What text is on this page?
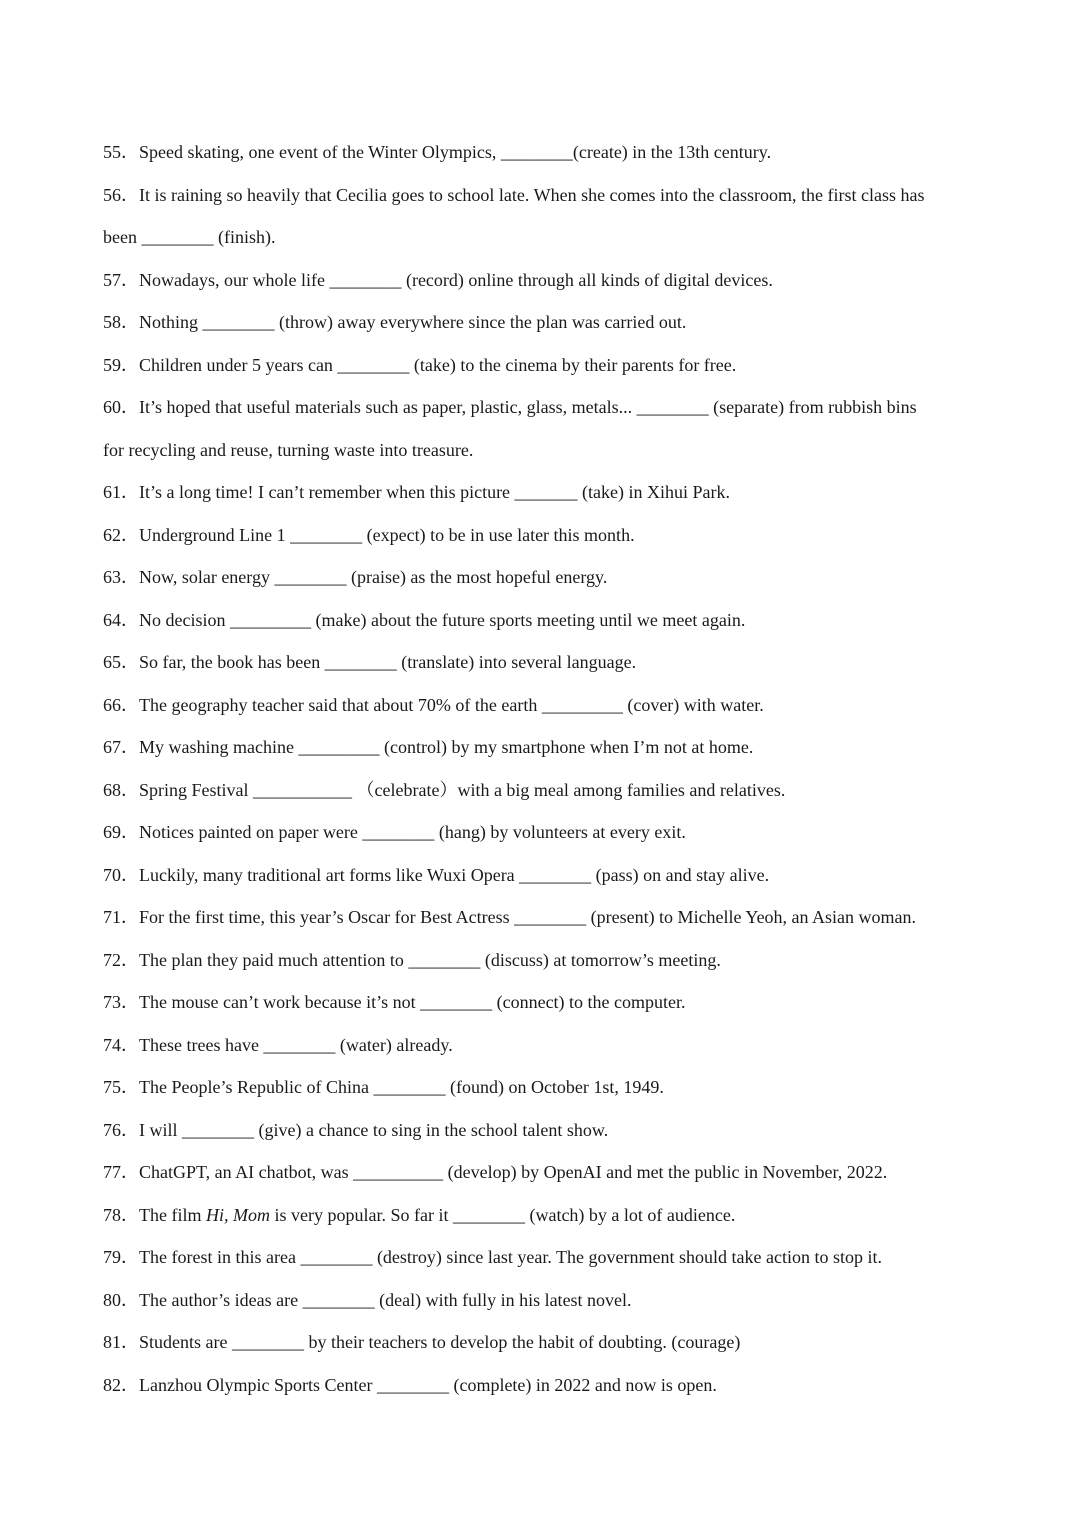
55．Speed skating, one event of the Winter Olympics, ________(create) in the 13th century.
56．It is raining so heavily that Cecilia goes to school late. When she comes into the classroom, the first class has
been ________ (finish).
57．Nowadays, our whole life ________ (record) online through all kinds of digital devices.
58．Nothing ________ (throw) away everywhere since the plan was carried out.
59．Children under 5 years can ________ (take) to the cinema by their parents for free.
60．It’s hoped that useful materials such as paper, plastic, glass, metals... ________ (separate) from rubbish bins
for recycling and reuse, turning waste into treasure.
61．It’s a long time! I can’t remember when this picture _______ (take) in Xihui Park.
62．Underground Line 1 ________ (expect) to be in use later this month.
63．Now, solar energy ________ (praise) as the most hopeful energy.
64．No decision _________ (make) about the future sports meeting until we meet again.
65．So far, the book has been ________ (translate) into several language.
66．The geography teacher said that about 70% of the earth _________ (cover) with water.
67．My washing machine _________ (control) by my smartphone when I’m not at home.
68．Spring Festival ___________ （celebrate）with a big meal among families and relatives.
69．Notices painted on paper were ________ (hang) by volunteers at every exit.
70．Luckily, many traditional art forms like Wuxi Opera ________ (pass) on and stay alive.
71．For the first time, this year’s Oscar for Best Actress ________ (present) to Michelle Yeoh, an Asian woman.
72．The plan they paid much attention to ________ (discuss) at tomorrow’s meeting.
73．The mouse can’t work because it’s not ________ (connect) to the computer.
74．These trees have ________ (water) already.
75．The People’s Republic of China ________ (found) on October 1st, 1949.
76．I will ________ (give) a chance to sing in the school talent show.
77．ChatGPT, an AI chatbot, was __________ (develop) by OpenAI and met the public in November, 2022.
78．The film Hi, Mom is very popular. So far it ________ (watch) by a lot of audience.
79．The forest in this area ________ (destroy) since last year. The government should take action to stop it.
80．The author’s ideas are ________ (deal) with fully in his latest novel.
81．Students are ________ by their teachers to develop the habit of doubting. (courage)
82．Lanzhou Olympic Sports Center ________ (complete) in 2022 and now is open.
